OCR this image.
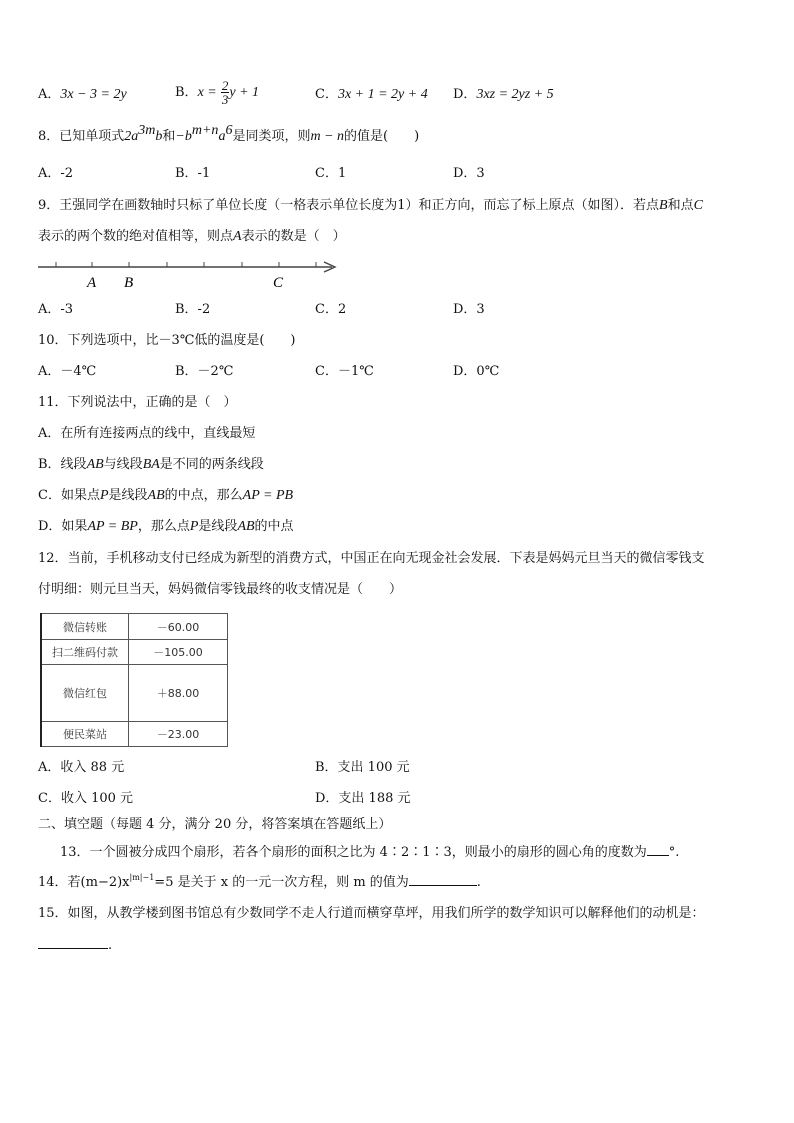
A．3x − 3 = 2y	B．$x = \frac{2}{3}$ y + 1	C．3x + 1 = 2y + 4 D．3xz = 2yz + 5
8．已知单项式$2a^{3m}b$和$-b^{m+n}a^6$是同类项，则m − n的值是(　　)
A．-2	B．-1	C．1	D．3
9．王强同学在画数轴时只标了单位长度（一格表示单位长度为1）和正方向，而忘了标上原点（如图）．若点B和点C
表示的两个数的绝对值相等，则点A表示的数是（　）
A B	C
A．-3	B．-2	C．2	D．3
10．下列选项中，比－3℃低的温度是(　　)
A．－4℃	B．－2℃	C．－1℃	D．0℃
11．下列说法中，正确的是（　）
A．在所有连接两点的线中，直线最短
B．线段AB与线段BA是不同的两条线段
C．如果点P是线段AB的中点，那么AP = PB
D．如果AP = BP，那么点P是线段AB的中点
12．当前，手机移动支付已经成为新型的消费方式，中国正在向无现金社会发展．下表是妈妈元旦当天的微信零钱支
付明细：则元旦当天，妈妈微信零钱最终的收支情况是（　　）
微信转账	－60.00
扫二维码付款	－105.00
微信红包	＋88.00
便民菜站	－23.00
A．收入 88 元	B．支出 100 元
C．收入 100 元	D．支出 188 元
二、填空题（每题 4 分，满分 20 分，将答案填在答题纸上）
13．一个圆被分成四个扇形，若各个扇形的面积之比为 4∶2∶1∶3，则最小的扇形的圆心角的度数为 °.
14．若$(m-2)x^{|m|-1}=5$ 是关于 x 的一元一次方程，则 m 的值为	.
15．如图，从教学楼到图书馆总有少数同学不走人行道而横穿草坪，用我们所学的数学知识可以解释他们的动机是：
.
